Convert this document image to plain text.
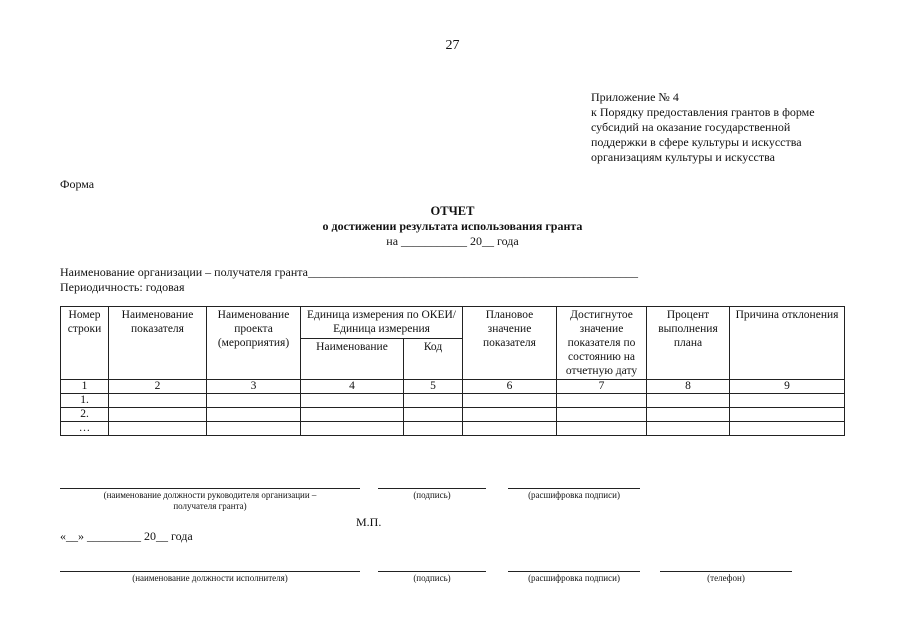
27
Приложение № 4
к Порядку предоставления грантов в форме
субсидий на оказание государственной
поддержки в сфере культуры и искусства
организациям культуры и искусства
Форма
ОТЧЕТ
о достижении результата использования гранта
на ___________ 20__ года
Наименование организации – получателя гранта_______________________________________________________
Периодичность: годовая
Номер строки	Наименование показателя	Наименование проекта (мероприятия)	Единица измерения по ОКЕИ/Единица измерения		Плановое значение показателя	Достигнутое значение показателя по состоянию на отчетную дату	Процент выполнения плана	Причина отклонения
			Наименование	Код				
1	2	3	4	5	6	7	8	9
1.								
2.								
…								
(наименование должности руководителя организации –
получателя гранта)
(подпись)	(расшифровка подписи)
М.П.
«__» _________ 20__ года
(наименование должности исполнителя)	(подпись)	(расшифровка подписи)	(телефон)
